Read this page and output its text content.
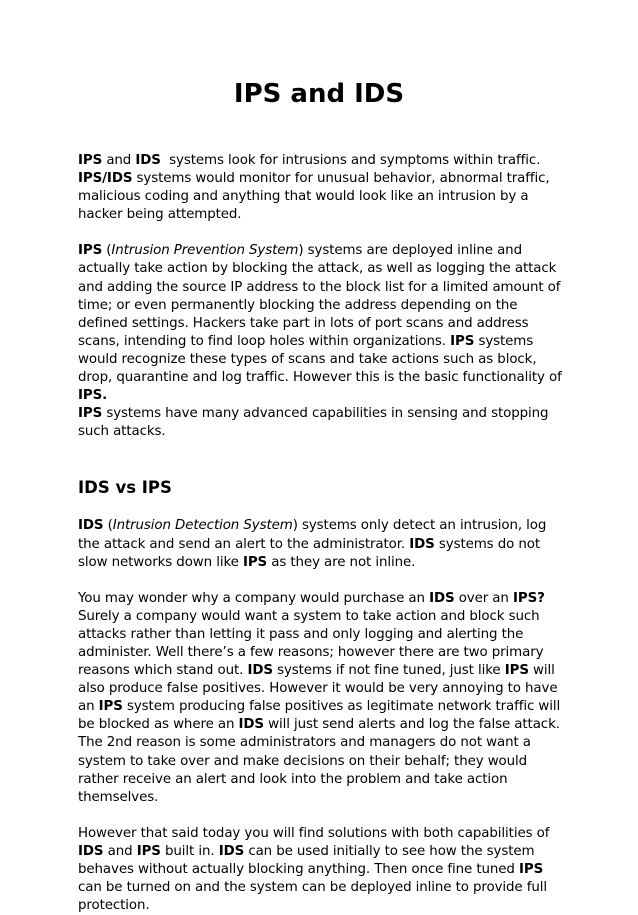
IPS and IDS

IPS and IDS systems look for intrusions and symptoms within traffic.
IPS/IDS systems would monitor for unusual behavior, abnormal traffic, malicious coding and anything that would look like an intrusion by a hacker being attempted.

IPS (Intrusion Prevention System) systems are deployed inline and actually take action by blocking the attack, as well as logging the attack and adding the source IP address to the block list for a limited amount of time; or even permanently blocking the address depending on the defined settings. Hackers take part in lots of port scans and address scans, intending to find loop holes within organizations. IPS systems would recognize these types of scans and take actions such as block, drop, quarantine and log traffic. However this is the basic functionality of IPS.
IPS systems have many advanced capabilities in sensing and stopping such attacks.

IDS vs IPS

IDS (Intrusion Detection System) systems only detect an intrusion, log the attack and send an alert to the administrator. IDS systems do not slow networks down like IPS as they are not inline.

You may wonder why a company would purchase an IDS over an IPS?
Surely a company would want a system to take action and block such attacks rather than letting it pass and only logging and alerting the administer. Well there’s a few reasons; however there are two primary reasons which stand out. IDS systems if not fine tuned, just like IPS will also produce false positives. However it would be very annoying to have an IPS system producing false positives as legitimate network traffic will be blocked as where an IDS will just send alerts and log the false attack. The 2nd reason is some administrators and managers do not want a system to take over and make decisions on their behalf; they would rather receive an alert and look into the problem and take action themselves.

However that said today you will find solutions with both capabilities of IDS and IPS built in. IDS can be used initially to see how the system behaves without actually blocking anything. Then once fine tuned IPS can be turned on and the system can be deployed inline to provide full protection.
